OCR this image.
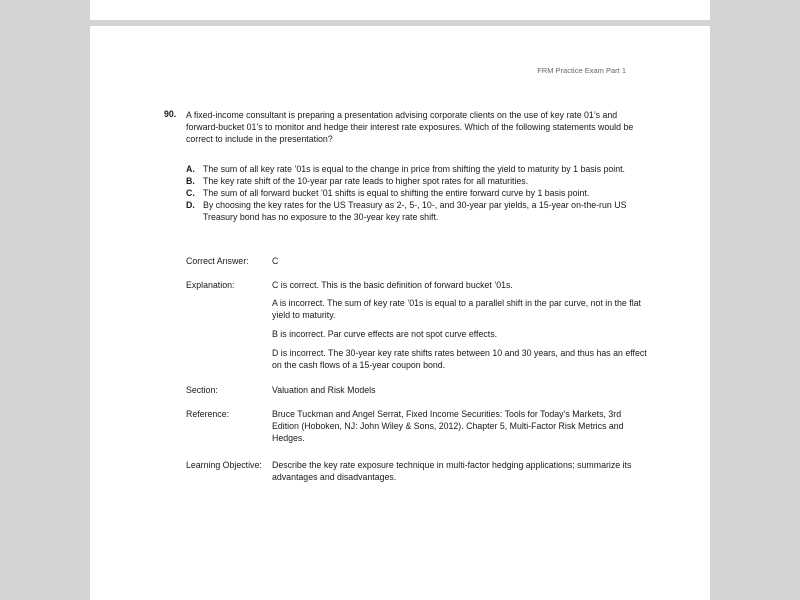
FRM Practice Exam Part 1
90. A fixed-income consultant is preparing a presentation advising corporate clients on the use of key rate 01’s and forward-bucket 01’s to monitor and hedge their interest rate exposures. Which of the following statements would be correct to include in the presentation?
A. The sum of all key rate ’01s is equal to the change in price from shifting the yield to maturity by 1 basis point.
B. The key rate shift of the 10-year par rate leads to higher spot rates for all maturities.
C. The sum of all forward bucket ’01 shifts is equal to shifting the entire forward curve by 1 basis point.
D. By choosing the key rates for the US Treasury as 2-, 5-, 10-, and 30-year par yields, a 15-year on-the-run US Treasury bond has no exposure to the 30-year key rate shift.
Correct Answer:	C
Explanation:	C is correct. This is the basic definition of forward bucket ’01s.
A is incorrect. The sum of key rate ’01s is equal to a parallel shift in the par curve, not in the flat yield to maturity.
B is incorrect. Par curve effects are not spot curve effects.
D is incorrect. The 30-year key rate shifts rates between 10 and 30 years, and thus has an effect on the cash flows of a 15-year coupon bond.
Section:	Valuation and Risk Models
Reference:	Bruce Tuckman and Angel Serrat, Fixed Income Securities: Tools for Today’s Markets, 3rd Edition (Hoboken, NJ: John Wiley & Sons, 2012). Chapter 5, Multi-Factor Risk Metrics and Hedges.
Learning Objective: Describe the key rate exposure technique in multi-factor hedging applications; summarize its advantages and disadvantages.
